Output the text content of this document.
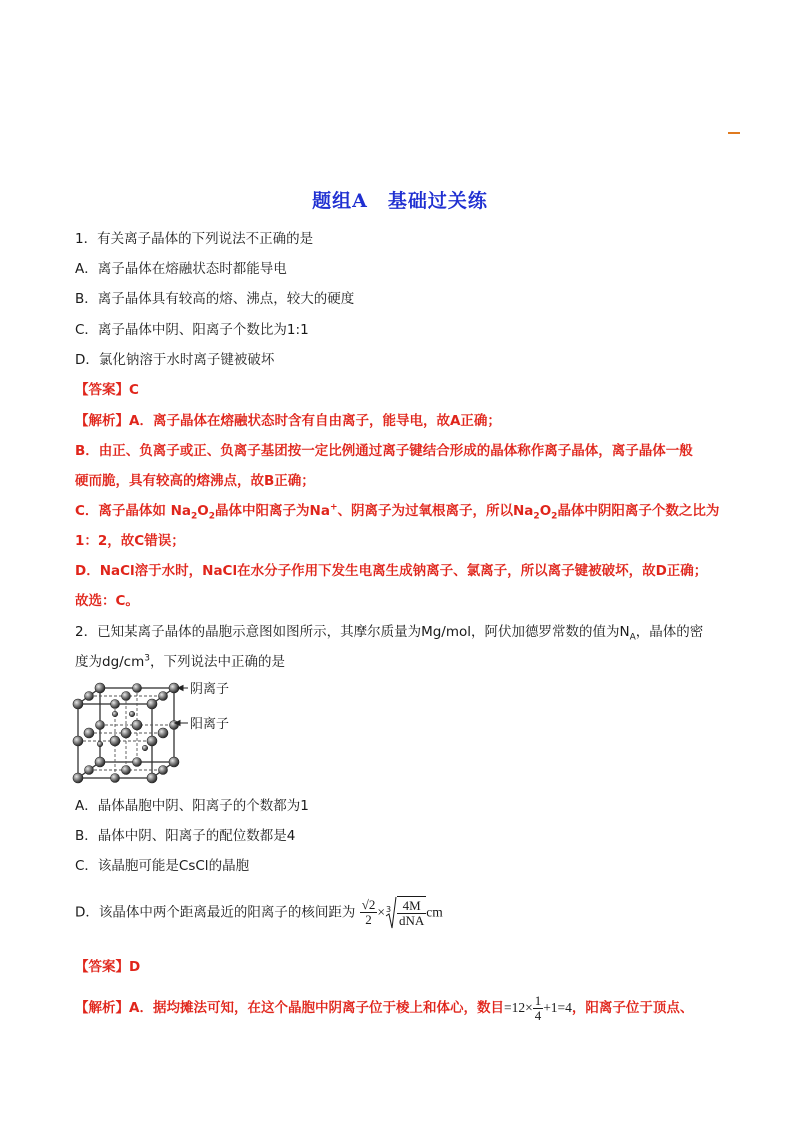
题组A　基础过关练
1．有关离子晶体的下列说法不正确的是
A．离子晶体在熔融状态时都能导电
B．离子晶体具有较高的熔、沸点，较大的硬度
C．离子晶体中阴、阳离子个数比为1:1
D．氯化钠溶于水时离子键被破坏
【答案】C
【解析】A．离子晶体在熔融状态时含有自由离子，能导电，故A正确；
B．由正、负离子或正、负离子基团按一定比例通过离子键结合形成的晶体称作离子晶体，离子晶体一般
硬而脆，具有较高的熔沸点，故B正确；
C．离子晶体如 $Na_2O_2$晶体中阳离子为Na+、阴离子为过氧根离子，所以$Na_2O_2$晶体中阴阳离子个数之比为
1：2，故C错误；
D．NaCl溶于水时，NaCl在水分子作用下发生电离生成钠离子、氯离子，所以离子键被破坏，故D正确；
故选：C。
2．已知某离子晶体的晶胞示意图如图所示，其摩尔质量为Mg/mol，阿伏加德罗常数的值为$N_A$，晶体的密
度为$dg/cm^3$，下列说法中正确的是
阴离子
阳离子
A．晶体晶胞中阴、阳离子的个数都为1
B．晶体中阴、阳离子的配位数都是4
C．该晶胞可能是CsCl的晶胞
D．该晶体中两个距离最近的阳离子的核间距为 $\frac{√2}{2} \times 3 \frac{4M}{\text{dNA}}$ cm
【答案】D
【解析】A．据均摊法可知，在这个晶胞中阴离子位于棱上和体心，数目$=12\times \frac{1}{4} +1=4$，阳离子位于顶点、
